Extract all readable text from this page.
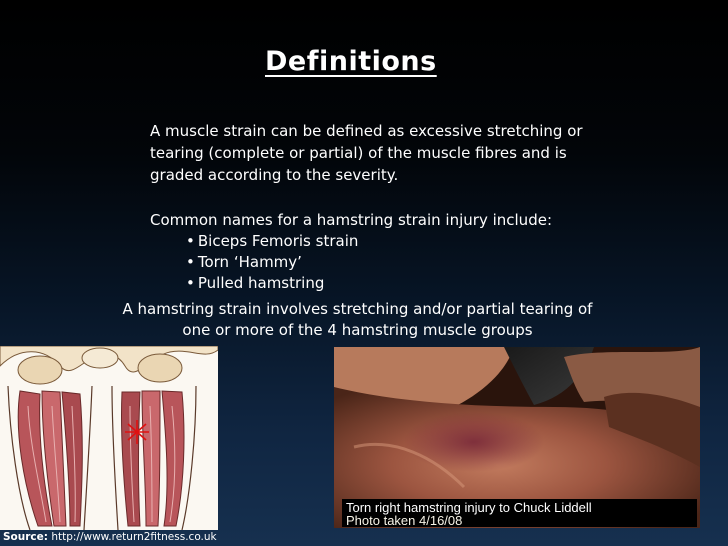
Definitions
A muscle strain can be defined as excessive stretching or tearing (complete or partial) of the muscle fibres and is graded according to the severity.
Common names for a hamstring strain injury include:
• Biceps Femoris strain
• Torn ‘Hammy’
• Pulled hamstring
A hamstring strain involves stretching and/or partial tearing of one or more of the 4 hamstring muscle groups
Torn right hamstring injury to Chuck Liddell
Photo taken 4/16/08
Source: http://www.return2fitness.co.uk
